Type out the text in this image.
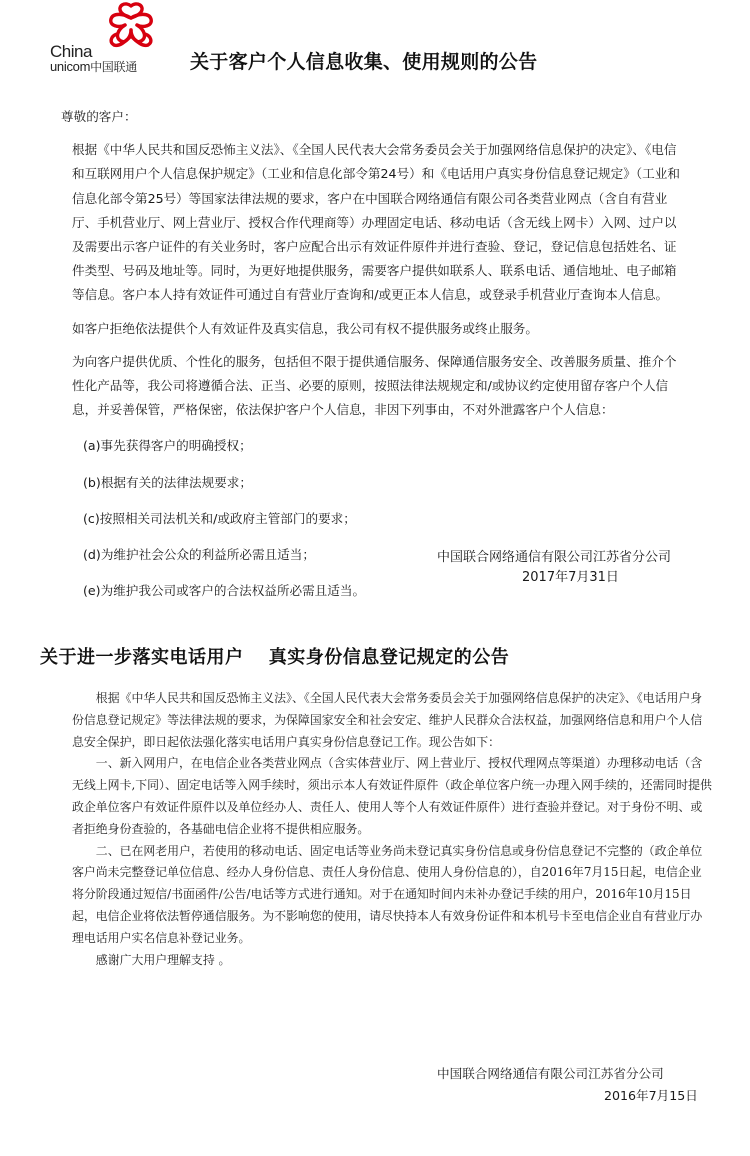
China
unicom中国联通	关于客户个人信息收集、使用规则的公告

尊敬的客户：

根据《中华人民共和国反恐怖主义法》、《全国人民代表大会常务委员会关于加强网络信息保护的决定》、《电信和互联网用户个人信息保护规定》（工业和信息化部令第24号）和《电话用户真实身份信息登记规定》（工业和信息化部令第25号）等国家法律法规的要求，客户在中国联合网络通信有限公司各类营业网点（含自有营业厅、手机营业厅、网上营业厅、授权合作代理商等）办理固定电话、移动电话（含无线上网卡）入网、过户以及需要出示客户证件的有关业务时，客户应配合出示有效证件原件并进行查验、登记，登记信息包括姓名、证件类型、号码及地址等。同时，为更好地提供服务，需要客户提供如联系人、联系电话、通信地址、电子邮箱等信息。客户本人持有效证件可通过自有营业厅查询和/或更正本人信息，或登录手机营业厅查询本人信息。

如客户拒绝依法提供个人有效证件及真实信息，我公司有权不提供服务或终止服务。

为向客户提供优质、个性化的服务，包括但不限于提供通信服务、保障通信服务安全、改善服务质量、推介个性化产品等，我公司将遵循合法、正当、必要的原则，按照法律法规规定和/或协议约定使用留存客户个人信息，并妥善保管，严格保密，依法保护客户个人信息，非因下列事由，不对外泄露客户个人信息：

(a)事先获得客户的明确授权；

(b)根据有关的法律法规要求；

(c)按照相关司法机关和/或政府主管部门的要求；

(d)为维护社会公众的利益所必需且适当；

(e)为维护我公司或客户的合法权益所必需且适当。

中国联合网络通信有限公司江苏省分公司
2017年7月31日
关于进一步落实电话用户　 真实身份信息登记规定的公告

根据《中华人民共和国反恐怖主义法》、《全国人民代表大会常务委员会关于加强网络信息保护的决定》、《电话用户身份信息登记规定》等法律法规的要求，为保障国家安全和社会安定、维护人民群众合法权益，加强网络信息和用户个人信息安全保护，即日起依法强化落实电话用户真实身份信息登记工作。现公告如下：

一、新入网用户，在电信企业各类营业网点（含实体营业厅、网上营业厅、授权代理网点等渠道）办理移动电话（含无线上网卡,下同）、固定电话等入网手续时，须出示本人有效证件原件（政企单位客户统一办理入网手续的，还需同时提供政企单位客户有效证件原件以及单位经办人、责任人、使用人等个人有效证件原件）进行查验并登记。对于身份不明、或者拒绝身份查验的，各基础电信企业将不提供相应服务。

二、已在网老用户，若使用的移动电话、固定电话等业务尚未登记真实身份信息或身份信息登记不完整的（政企单位客户尚未完整登记单位信息、经办人身份信息、责任人身份信息、使用人身份信息的），自2016年7月15日起，电信企业将分阶段通过短信/书面函件/公告/电话等方式进行通知。对于在通知时间内未补办登记手续的用户，2016年10月15日起，电信企业将依法暂停通信服务。为不影响您的使用，请尽快持本人有效身份证件和本机号卡至电信企业自有营业厅办理电话用户实名信息补登记业务。

感谢广大用户理解支持 。

中国联合网络通信有限公司江苏省分公司
2016年7月15日
